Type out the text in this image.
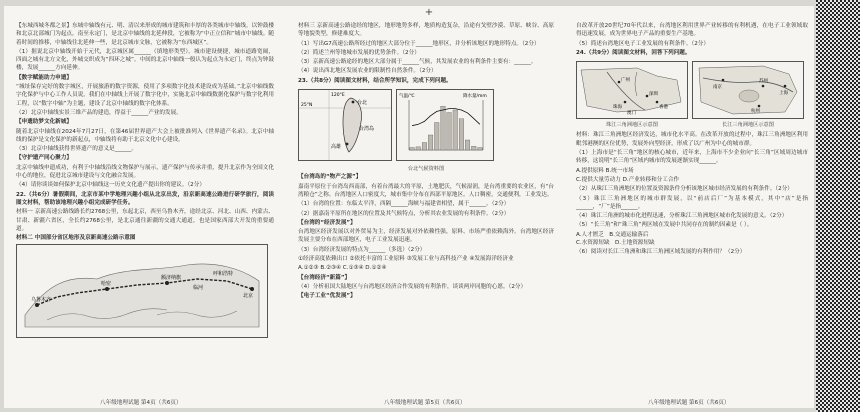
+

【东城西城冬都之景】东城中轴线有元、明、清以来形成的城市建筑和丰厚的各类城市中轴线。以钟鼓楼和北京北部城门为起点，南至永定门，是北京中轴线的北延伸段，它被称为“中正立信和”城市中轴线。随着时间的推移，中轴线往北延伸一些，是北京城市文脉，它被称为“东西城区”。

（1）据说北京中轴线开始于元代，北京城区属______（填地形类型）。城市建设便捷，城市道路宽阔，四面之城有北方文化，外城交织成为“四环之城”。中间的北京中轴线一般认为起点为永定门，终点为钟鼓楼，发展______方向延伸。

【数字赋能助力申遗】

“城址保存完好的数字城区，开展旅游的数字资源，使用了多项数字化技术建设成为基础。”北京中轴线数字化保护与中心工作人员说，我们在中轴线上开展了数字化中，实施北京中轴线数据化保护与数字化利用工程，以“数字中轴”为主题，建设了北京中轴线的数字化体系。

（2）北京中轴线实景三维产品的建造，得益于______产业的发展。

【申遗助梦文化新城】

随着北京中轴线在2024年7月27日，在第46届世界遗产大会上被批准列入《世界遗产名录》。北京中轴线的保护是文化保护的新起点，中轴线将有助于北京文化中心建设。

（3）北京中轴线获得世界遗产的意义是______。

【守护遗产同心聚力】

北京中轴线申遗成功，有利于中轴线沿线文物保护与展示，遗产保护与传承并重，提升北京作为全国文化中心的地位，促进北京城市建设与文化融合发展。

（4）请你谈谈如何保护北京中轴线这一历史文化遗产提出你的建议。（2分）

22.（共6分）暑假期间，北京市某中学地理兴趣小组从北京出发，沿京新高速公路进行研学旅行，阅读图文材料，帮助该地理兴趣小组完成研学任务。

材料一 京新高速公路线路长约2768公里，东起北京，西至乌鲁木齐，途经北京、河北、山西、内蒙古、甘肃、新疆六省区，全长约2768公里，是北京通往新疆的交通大通道，也是国家西部大开发的重要通道。

材料二 中国部分省区地形及京新高速公路示意图

乌鲁木齐
哈密
额济纳旗
北京
呼和浩特
临河
八年级地理试题 第4页（共6页）

材料三 京新高速公路途经的地区，地形地势多样，地质构造复杂，沿途有戈壁沙漠、草原、峡谷、高原等地貌类型，修建难度大。

（1）写出G7高速公路所经过的地区大部分位于______地形区，并分析该地区的地形特点。（2分）

（2）简述兰州等地城市发展的优势条件。（2分）

（3）京新高速公路途经的地区大部分属于______气候，其发展农业的有利条件主要有：______。

（4）说出西北地区发展农业的限制性自然条件。（2分）

23.（共8分）阅读图文材料，结合所学知识，完成下列问题。

台北
高雄
25°N
120°E
台湾岛
气温/℃	降水量/mm
台北气候资料图

【台湾岛的“物产之源”】

嘉南平原位于台湾岛西南部，有着台湾最大的平原，土地肥沃，气候湿润，是台湾重要的农业区，有“台湾粮仓”之称。台湾地区人口密度大，城市集中分布在西部平原地区。人口稠密，交通便利，工业发达。

（1）台湾的位置：东临太平洋，西隔______海峡与福建省相望，属于______。（2分）

（2）据嘉南平原所在地区的位置及其气候特点，分析其农业发展的有利条件。（2分）

【台湾的“经济发展”】

台湾地区经济发展以对外贸易为主，经济发展对外依赖性强，原料、市场严重依赖海外。台湾地区经济发展主要分布在西部地区，电子工业发展迅速。

（3）台湾经济发展的特点为______（多选）（2分）

①经济高度依赖出口 ②依托丰富的工业原料 ③发展工业与高科技产业 ④发展海洋经济业

A.①②③ B.②③④ C.①③④ D.①②④

【台湾经济“新篇”】

（4）分析祖国大陆地区与台湾地区经济合作发展的有利条件，谈谈两岸同胞的心愿。（2分）

【电子工业“优发展”】

八年级地理试题 第5页（共6页）

自改革开放20世纪70年代以来，台湾地区利用世界产业转移的有利机遇，在电子工业领域取得迅速发展，成为世界电子产品的重要生产基地。

（5）简述台湾地区电子工业发展的有利条件。（2分）

24.（共9分）阅读图文材料，回答下列问题。

广州
深圳
珠海	香港
澳门
珠江三角洲地区示意图
南京
上海
杭州
苏州
长江三角洲地区示意图

材料：珠江三角洲地区经济发达，城市化水平高。在改革开放的过程中，珠江三角洲地区利用毗邻港澳的区位优势，发展外向型经济，形成了以广州为中心的城市群。

（1）上海市是“长三角”地区的核心城市，近年来，上海市不少企业向“长三角”区域周边城市转移，这说明“长三角”区域内城市的发展逐渐实现______。

A.提供原料 B.统一市场

C.提供大量劳动力 D.产业转移和分工合作

（2）从珠江三角洲地区的位置及资源条件分析该地区城市经济发展的有利条件。（2分）

（3）珠江三角洲地区的城市群发展，以“前店后厂”为基本模式，其中“店”是指______，“厂”是指______。

（4）珠江三角洲的城市化进程迅速，分析珠江三角洲地区城市化发展的意义。（2分）

（5）“长三角”和“珠三角”两区域在发展中共同存在的制约因素是（ ）。

A.人才匮乏 B.交通运输落后
C.水资源短缺 D.土地资源短缺

（6）阅读对长江三角洲和珠江三角洲区域发展的有利作用？（2分）

八年级地理试题 第6页（共6页）
